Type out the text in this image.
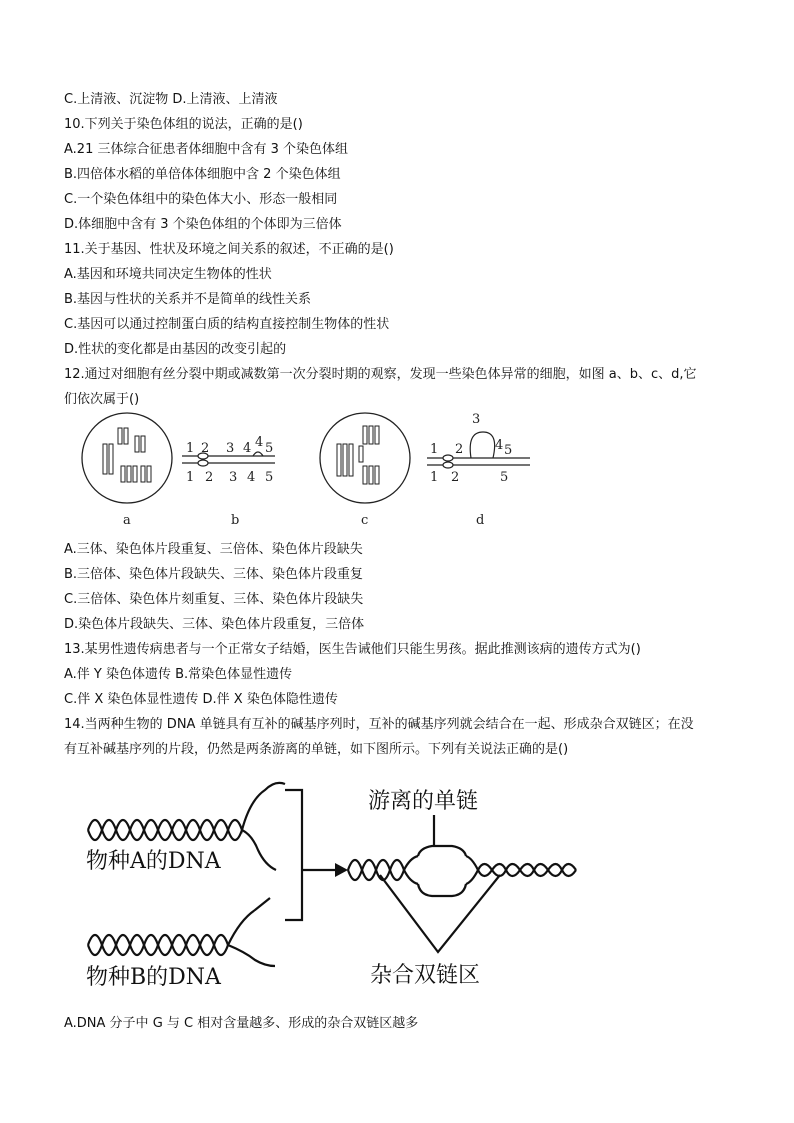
C.上清液、沉淀物 D.上清液、上清液
10.下列关于染色体组的说法，正确的是()
A.21 三体综合征患者体细胞中含有 3 个染色体组
B.四倍体水稻的单倍体体细胞中含 2 个染色体组
C.一个染色体组中的染色体大小、形态一般相同
D.体细胞中含有 3 个染色体组的个体即为三倍体
11.关于基因、性状及环境之间关系的叙述，不正确的是()
A.基因和环境共同决定生物体的性状
B.基因与性状的关系并不是简单的线性关系
C.基因可以通过控制蛋白质的结构直接控制生物体的性状
D.性状的变化都是由基因的改变引起的
12.通过对细胞有丝分裂中期或减数第一次分裂时期的观察，发现一些染色体异常的细胞，如图 a、b、c、d,它
们依次属于()
1 2 3 4 4 5
1 2 3 4 5
1 2
3
4 5
1 2	5
a	b	c	d
A.三体、染色体片段重复、三倍体、染色体片段缺失
B.三倍体、染色体片段缺失、三体、染色体片段重复
C.三倍体、染色体片刻重复、三体、染色体片段缺失
D.染色体片段缺失、三体、染色体片段重复，三倍体
13.某男性遗传病患者与一个正常女子结婚，医生告诫他们只能生男孩。据此推测该病的遗传方式为()
A.伴 Y 染色体遗传 B.常染色体显性遗传
C.伴 X 染色体显性遗传 D.伴 X 染色体隐性遗传
14.当两种生物的 DNA 单链具有互补的碱基序列时，互补的碱基序列就会结合在一起、形成杂合双链区；在没
有互补碱基序列的片段，仍然是两条游离的单链，如下图所示。下列有关说法正确的是()
物种A的DNA
物种B的DNA
游离的单链
杂合双链区
A.DNA 分子中 G 与 C 相对含量越多、形成的杂合双链区越多
